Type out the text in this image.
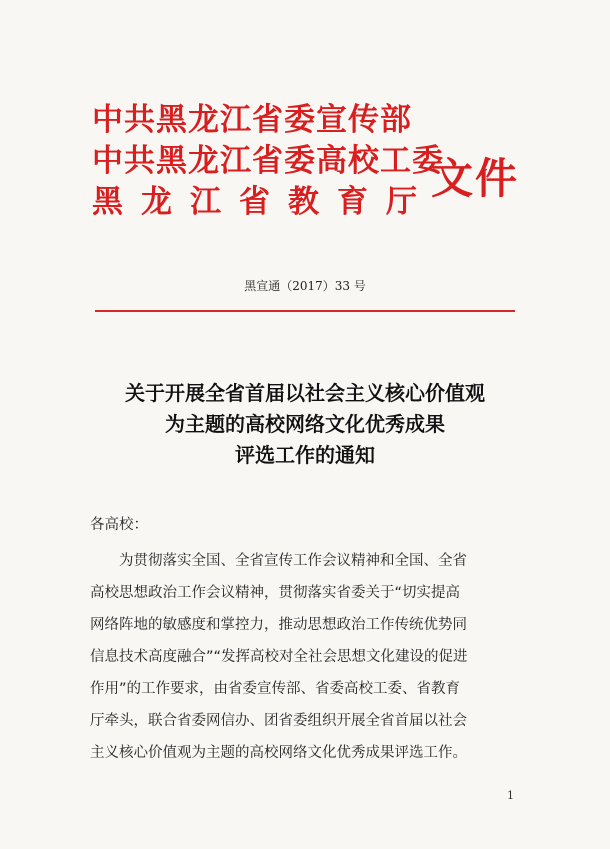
中共黑龙江省委宣传部
中共黑龙江省委高校工委
黑龙江省教育厅
文件
黑宣通（2017）33 号
关于开展全省首届以社会主义核心价值观
为主题的高校网络文化优秀成果
评选工作的通知
各高校：
为贯彻落实全国、全省宣传工作会议精神和全国、全省
高校思想政治工作会议精神，贯彻落实省委关于“切实提高
网络阵地的敏感度和掌控力，推动思想政治工作传统优势同
信息技术高度融合”“发挥高校对全社会思想文化建设的促进
作用”的工作要求，由省委宣传部、省委高校工委、省教育
厅牵头，联合省委网信办、团省委组织开展全省首届以社会
主义核心价值观为主题的高校网络文化优秀成果评选工作。
1
